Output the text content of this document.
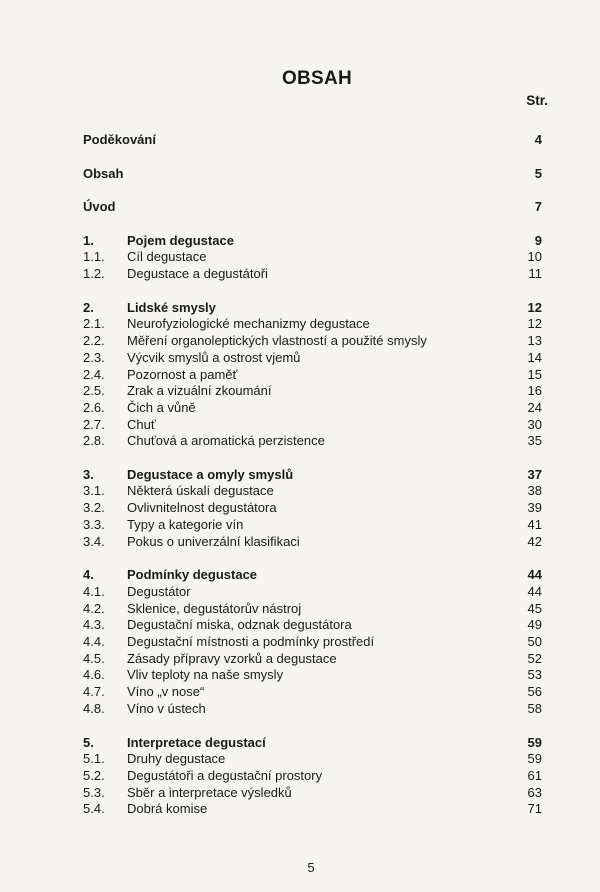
OBSAH
Str.
Poděkování	4
Obsah	5
Úvod	7
1.	Pojem degustace	9
1.1. Cíl degustace	10
1.2. Degustace a degustátoři	11
2.	Lidské smysly	12
2.1. Neurofyziologické mechanizmy degustace	12
2.2. Měření organoleptických vlastností a použité smysly	13
2.3. Výcvik smyslů a ostrost vjemů	14
2.4. Pozornost a paměť	15
2.5. Zrak a vizuální zkoumání	16
2.6. Čich a vůně	24
2.7. Chuť	30
2.8. Chuťová a aromatická perzistence	35
3.	Degustace a omyly smyslů	37
3.1. Některá úskalí degustace	38
3.2. Ovlivnitelnost degustátora	39
3.3. Typy a kategorie vín	41
3.4. Pokus o univerzální klasifikaci	42
4.	Podmínky degustace	44
4.1. Degustátor	44
4.2. Sklenice, degustátorův nástroj	45
4.3. Degustační miska, odznak degustátora	49
4.4. Degustační místnosti a podmínky prostředí	50
4.5. Zásady přípravy vzorků a degustace	52
4.6. Vliv teploty na naše smysly	53
4.7. Víno „v nose“	56
4.8. Víno v ústech	58
5.	Interpretace degustací	59
5.1. Druhy degustace	59
5.2. Degustátoři a degustační prostory	61
5.3. Sběr a interpretace výsledků	63
5.4. Dobrá komise	71
5
